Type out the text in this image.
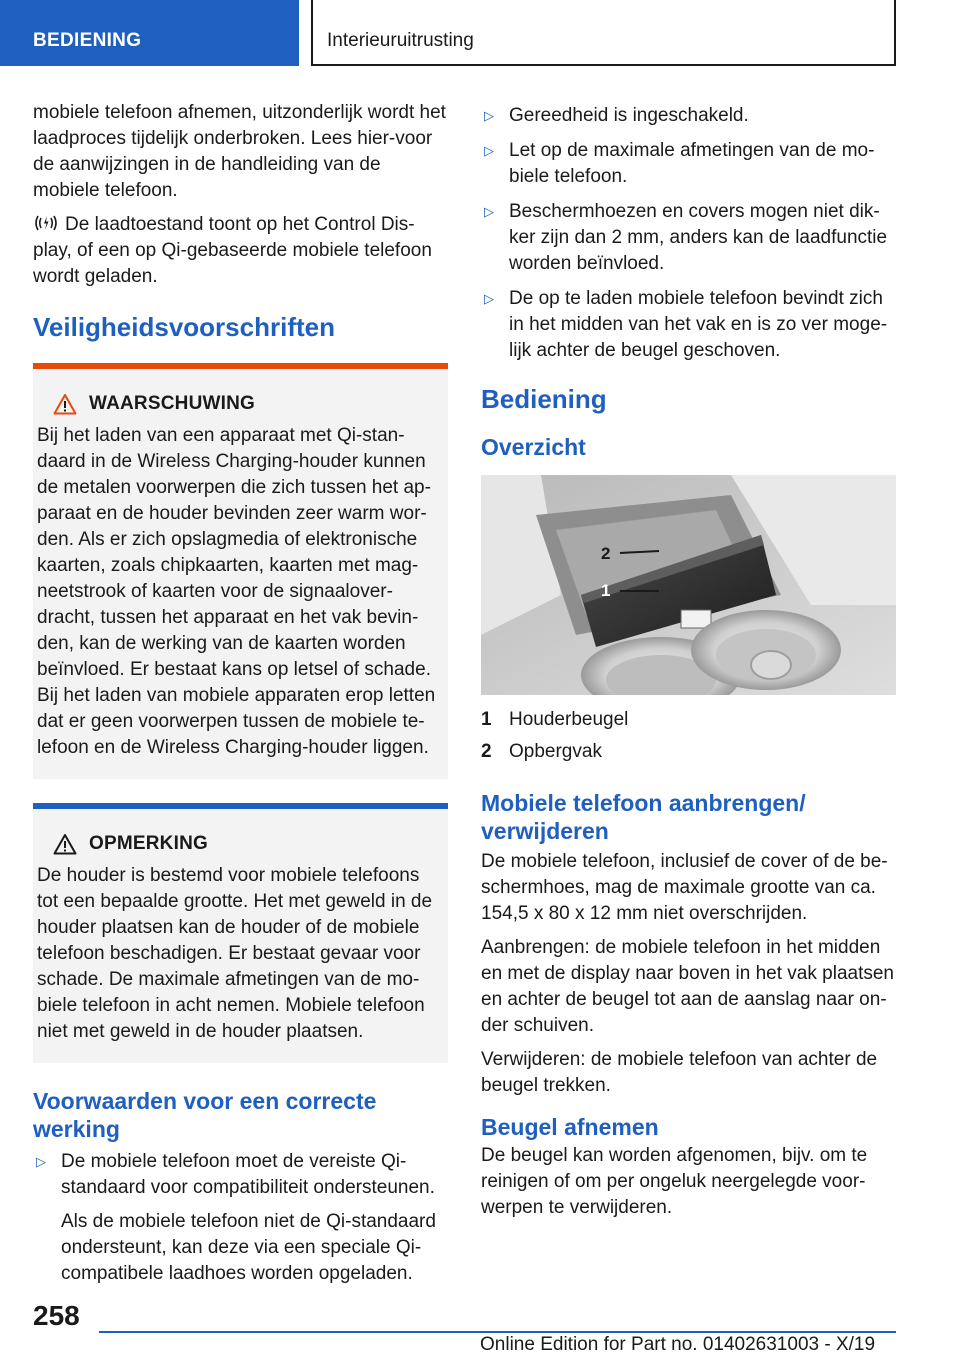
BEDIENING	Interieuruitrusting

mobiele telefoon afnemen, uitzonderlijk wordt het laadproces tijdelijk onderbroken. Lees hier-voor de aanwijzingen in de handleiding van de mobiele telefoon.

De laadtoestand toont op het Control Dis-play, of een op Qi-gebaseerde mobiele telefoon wordt geladen.

Veiligheidsvoorschriften
WAARSCHUWING
Bij het laden van een apparaat met Qi-stan-daard in de Wireless Charging-houder kunnen de metalen voorwerpen die zich tussen het ap-paraat en de houder bevinden zeer warm wor-den. Als er zich opslagmedia of elektronische kaarten, zoals chipkaarten, kaarten met mag-neetstrook of kaarten voor de signaalover-dracht, tussen het apparaat en het vak bevin-den, kan de werking van de kaarten worden beïnvloed. Er bestaat kans op letsel of schade. Bij het laden van mobiele apparaten erop letten dat er geen voorwerpen tussen de mobiele te-lefoon en de Wireless Charging-houder liggen.
OPMERKING
De houder is bestemd voor mobiele telefoons tot een bepaalde grootte. Het met geweld in de houder plaatsen kan de houder of de mobiele telefoon beschadigen. Er bestaat gevaar voor schade. De maximale afmetingen van de mo-biele telefoon in acht nemen. Mobiele telefoon niet met geweld in de houder plaatsen.
Voorwaarden voor een correcte werking
▷ De mobiele telefoon moet de vereiste Qi-standaard voor compatibiliteit ondersteunen.
Als de mobiele telefoon niet de Qi-standaard ondersteunt, kan deze via een speciale Qi-compatibele laadhoes worden opgeladen.
▷ Gereedheid is ingeschakeld.
▷ Let op de maximale afmetingen van de mo-biele telefoon.
▷ Beschermhoezen en covers mogen niet dik-ker zijn dan 2 mm, anders kan de laadfunctie worden beïnvloed.
▷ De op te laden mobiele telefoon bevindt zich in het midden van het vak en is zo ver moge-lijk achter de beugel geschoven.
Bediening
Overzicht
2
1
1 Houderbeugel
2 Opbergvak
Mobiele telefoon aanbrengen/ verwijderen

De mobiele telefoon, inclusief de cover of de be-schermhoes, mag de maximale grootte van ca. 154,5 x 80 x 12 mm niet overschrijden.

Aanbrengen: de mobiele telefoon in het midden en met de display naar boven in het vak plaatsen en achter de beugel tot aan de aanslag naar on-der schuiven.

Verwijderen: de mobiele telefoon van achter de beugel trekken.

Beugel afnemen

De beugel kan worden afgenomen, bijv. om te reinigen of om per ongeluk neergelegde voor-werpen te verwijderen.

258
Online Edition for Part no. 01402631003 - X/19
